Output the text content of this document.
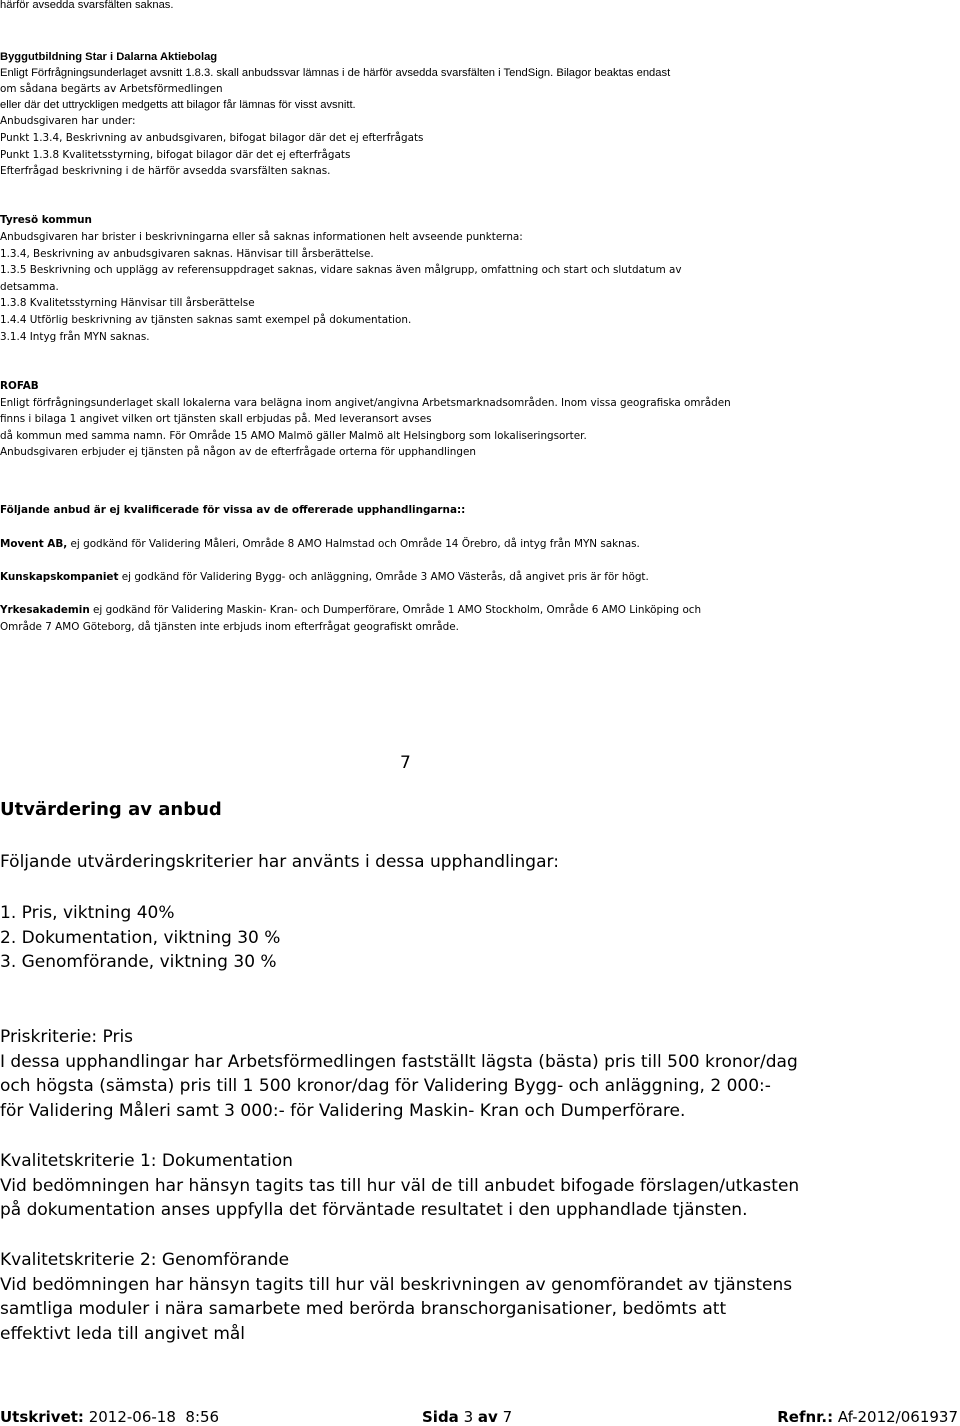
härför avsedda svarsfälten saknas.
Byggutbildning Star i Dalarna Aktiebolag
Enligt Förfrågningsunderlaget avsnitt 1.8.3. skall anbudssvar lämnas i de härför avsedda svarsfälten i TendSign. Bilagor beaktas endast
om sådana begärts av Arbetsförmedlingen
eller där det uttryckligen medgetts att bilagor får lämnas för visst avsnitt.
Anbudsgivaren har under:
Punkt 1.3.4, Beskrivning av anbudsgivaren, bifogat bilagor där det ej efterfrågats
Punkt 1.3.8 Kvalitetsstyrning, bifogat bilagor där det ej efterfrågats
Efterfrågad beskrivning i de härför avsedda svarsfälten saknas.
Tyresö kommun
Anbudsgivaren har brister i beskrivningarna eller så saknas informationen helt avseende punkterna:
1.3.4, Beskrivning av anbudsgivaren saknas. Hänvisar till årsberättelse.
1.3.5 Beskrivning och upplägg av referensuppdraget saknas, vidare saknas även målgrupp, omfattning och start och slutdatum av
detsamma.
1.3.8 Kvalitetsstyrning Hänvisar till årsberättelse
1.4.4 Utförlig beskrivning av tjänsten saknas samt exempel på dokumentation.
3.1.4 Intyg från MYN saknas.
ROFAB
Enligt förfrågningsunderlaget skall lokalerna vara belägna inom angivet/angivna Arbetsmarknadsområden. Inom vissa geografiska områden
finns i bilaga 1 angivet vilken ort tjänsten skall erbjudas på. Med leveransort avses
då kommun med samma namn. För Område 15 AMO Malmö gäller Malmö alt Helsingborg som lokaliseringsorter.
Anbudsgivaren erbjuder ej tjänsten på någon av de efterfrågade orterna för upphandlingen
Följande anbud är ej kvalificerade för vissa av de offererade upphandlingarna::
Movent AB, ej godkänd för Validering Måleri, Område 8 AMO Halmstad och Område 14 Örebro, då intyg från MYN saknas.
Kunskapskompaniet ej godkänd för Validering Bygg- och anläggning, Område 3 AMO Västerås, då angivet pris är för högt.
Yrkesakademin ej godkänd för Validering Maskin- Kran- och Dumperförare, Område 1 AMO Stockholm, Område 6 AMO Linköping och
Område 7 AMO Göteborg, då tjänsten inte erbjuds inom efterfrågat geografiskt område.
7
Utvärdering av anbud
Följande utvärderingskriterier har använts i dessa upphandlingar:
1. Pris, viktning 40%
2. Dokumentation, viktning 30 %
3. Genomförande, viktning 30 %
Priskriterie: Pris
I dessa upphandlingar har Arbetsförmedlingen fastställt lägsta (bästa) pris till 500 kronor/dag
och högsta (sämsta) pris till 1 500 kronor/dag för Validering Bygg- och anläggning, 2 000:-
för Validering Måleri samt 3 000:- för Validering Maskin- Kran och Dumperförare.
Kvalitetskriterie 1: Dokumentation
Vid bedömningen har hänsyn tagits tas till hur väl de till anbudet bifogade förslagen/utkasten
på dokumentation anses uppfylla det förväntade resultatet i den upphandlade tjänsten.
Kvalitetskriterie 2: Genomförande
Vid bedömningen har hänsyn tagits till hur väl beskrivningen av genomförandet av tjänstens
samtliga moduler i nära samarbete med berörda branschorganisationer, bedömts att
effektivt leda till angivet mål
Utskrivet: 2012-06-18  8:56	Sida 3 av 7	Refnr.: Af-2012/061937
